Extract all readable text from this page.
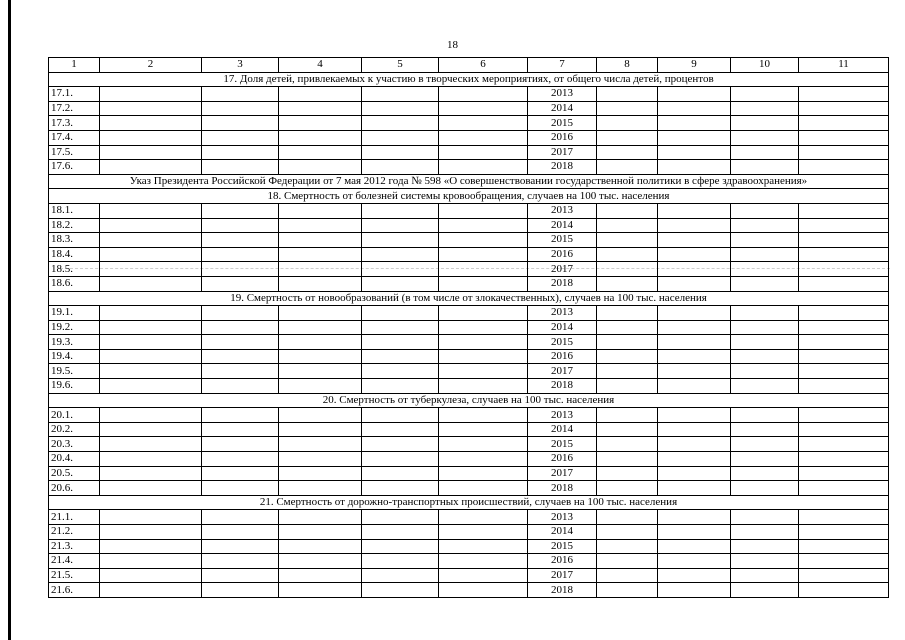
18
1	2	3	4	5	6	7	8	9	10	11
17. Доля детей, привлекаемых к участию в творческих мероприятиях, от общего числа детей, процентов										
17.1.						2013				
17.2.						2014				
17.3.						2015				
17.4.						2016				
17.5.						2017				
17.6.						2018				
Указ Президента Российской Федерации от 7 мая 2012 года № 598 «О совершенствовании государственной политики в сфере здравоохранения»										
18. Смертность от болезней системы кровообращения, случаев на 100 тыс. населения										
18.1.						2013				
18.2.						2014				
18.3.						2015				
18.4.						2016				
18.5.						2017				
18.6.						2018				
19. Смертность от новообразований (в том числе от злокачественных), случаев на 100 тыс. населения										
19.1.						2013				
19.2.						2014				
19.3.						2015				
19.4.						2016				
19.5.						2017				
19.6.						2018				
20. Смертность от туберкулеза, случаев на 100 тыс. населения										
20.1.						2013				
20.2.						2014				
20.3.						2015				
20.4.						2016				
20.5.						2017				
20.6.						2018				
21. Смертность от дорожно-транспортных происшествий, случаев на 100 тыс. населения										
21.1.						2013				
21.2.						2014				
21.3.						2015				
21.4.						2016				
21.5.						2017				
21.6.						2018				
